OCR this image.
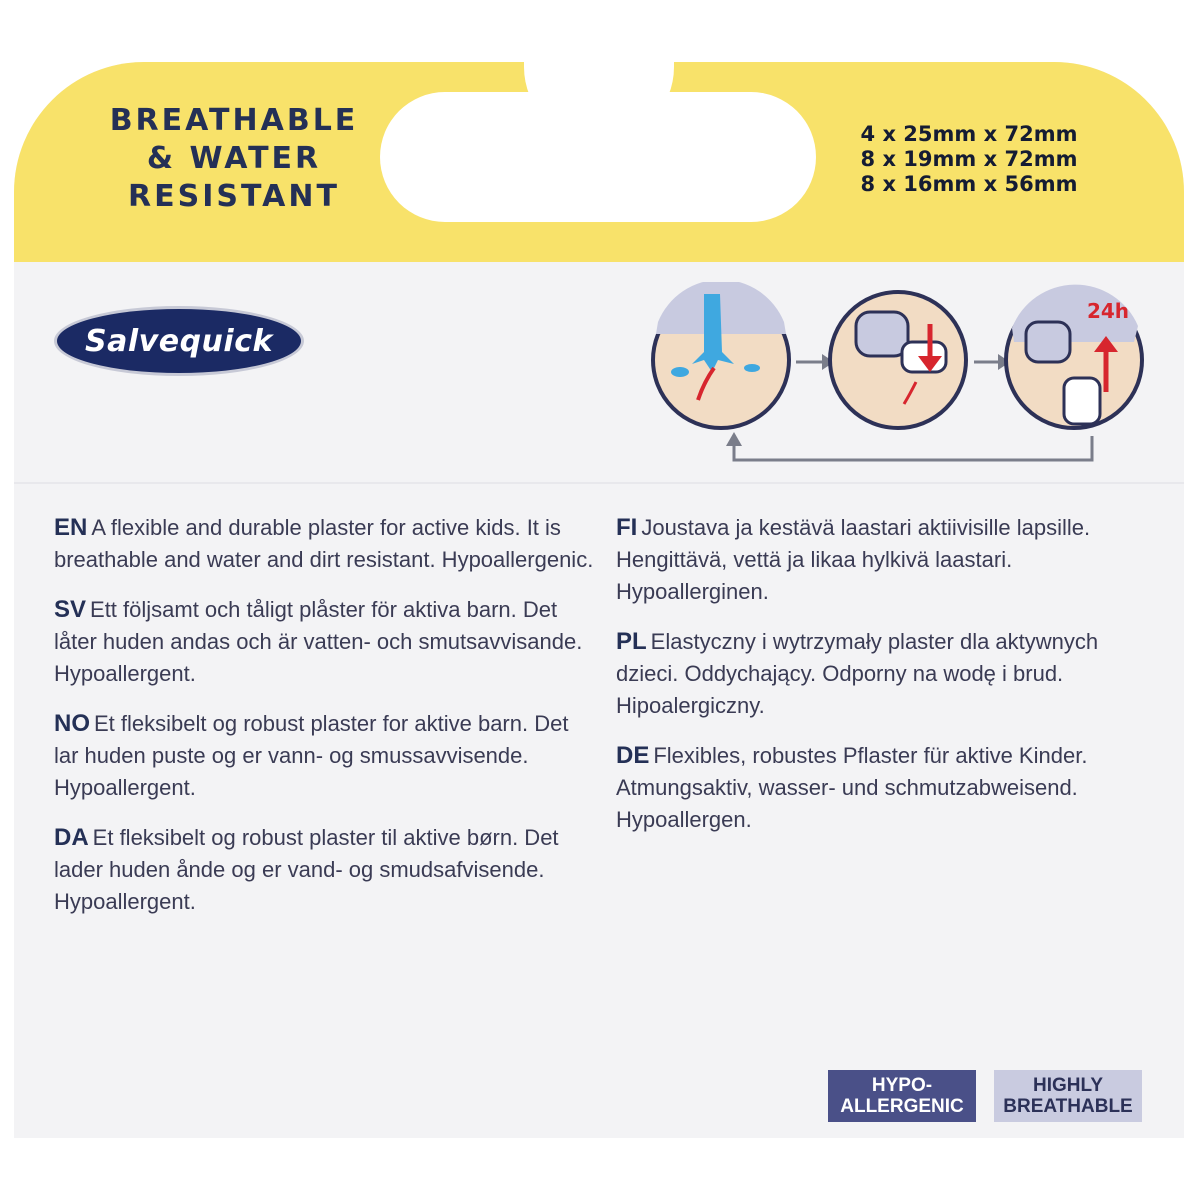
BREATHABLE
& WATER
RESISTANT
4 x 25mm x 72mm
8 x 19mm x 72mm
8 x 16mm x 56mm
Salvequick
24h
EN A flexible and durable plaster for active kids. It is breathable and water and dirt resistant. Hypoallergenic.
SV Ett följsamt och tåligt plåster för aktiva barn. Det låter huden andas och är vatten- och smutsavvisande. Hypoallergent.
NO Et fleksibelt og robust plaster for aktive barn. Det lar huden puste og er vann- og smussavvisende. Hypoallergent.
DA Et fleksibelt og robust plaster til aktive børn. Det lader huden ånde og er vand- og smudsafvisende. Hypoallergent.
FI Joustava ja kestävä laastari aktiivisille lapsille. Hengittävä, vettä ja likaa hylkivä laastari. Hypoallerginen.
PL Elastyczny i wytrzymały plaster dla aktywnych dzieci. Oddychający. Odporny na wodę i brud. Hipoalergiczny.
DE Flexibles, robustes Pflaster für aktive Kinder. Atmungsaktiv, wasser- und schmutzabweisend. Hypoallergen.
HYPO-
ALLERGENIC
HIGHLY
BREATHABLE
